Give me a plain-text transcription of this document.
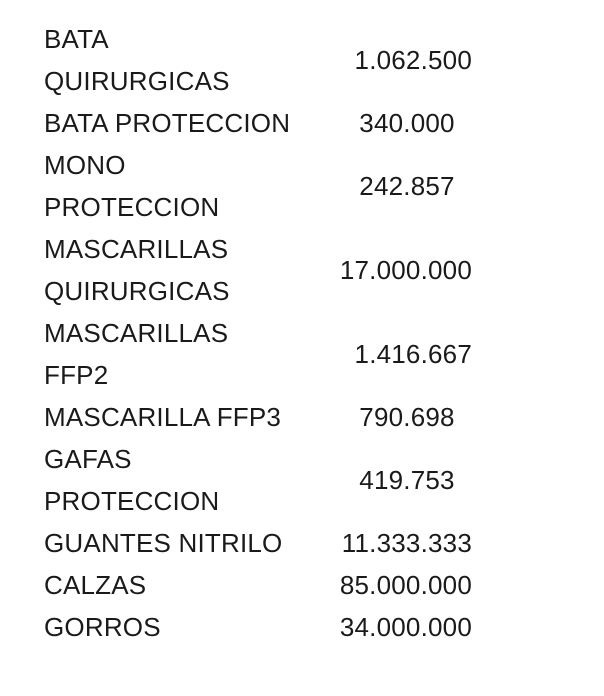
BATA
QUIRURGICAS
1.062.500
BATA PROTECCION	340.000
MONO
PROTECCION
242.857
MASCARILLAS
QUIRURGICAS
17.000.000
MASCARILLAS
FFP2
1.416.667
MASCARILLA FFP3	790.698
GAFAS
PROTECCION
419.753
GUANTES NITRILO	11.333.333
CALZAS	85.000.000
GORROS	34.000.000
